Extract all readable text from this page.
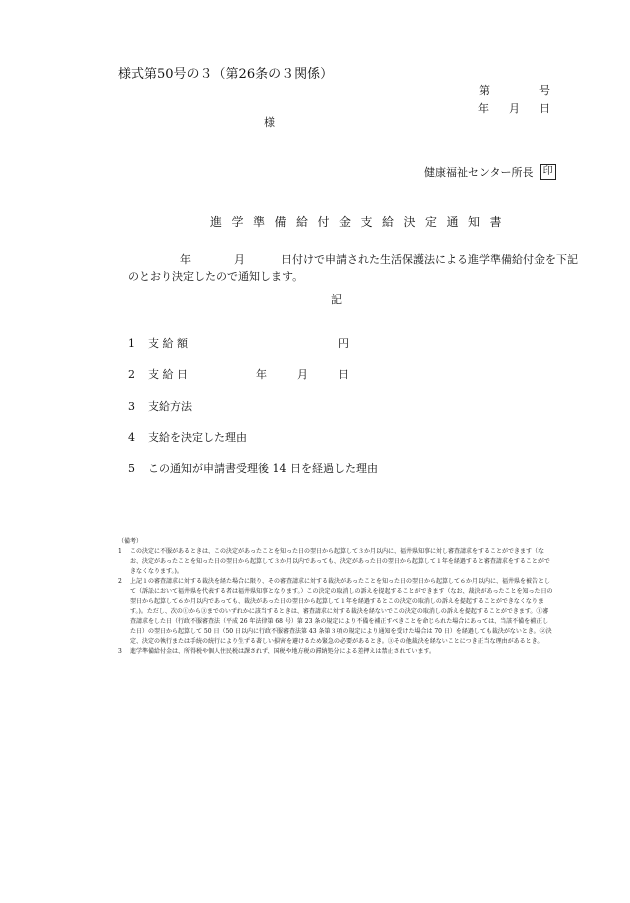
様式第50号の３（第26条の３関係）
第	号
年 月 日
様
健康福祉センター所長 印
進学準備給付金支給決定通知書
年	月	日付けで申請された生活保護法による進学準備給付金を下記
のとおり決定したので通知します。
記
1 支 給 額	円
2 支 給 日	年	月	日
3 支給方法
4 支給を決定した理由
5 この通知が申請書受理後 14 日を経過した理由
（備考）
1	この決定に不服があるときは、この決定があったことを知った日の翌日から起算して３か月以内に、福井県知事に対し審査請求をすることができます（なお、決定があったことを知った日の翌日から起算して３か月以内であっても、決定があった日の翌日から起算して１年を経過すると審査請求をすることができなくなります。)。
2	上記１の審査請求に対する裁決を経た場合に限り、その審査請求に対する裁決があったことを知った日の翌日から起算して６か月以内に、福井県を被告として（訴訟において福井県を代表する者は福井県知事となります。）この決定の取消しの訴えを提起することができます（なお、裁決があったことを知った日の翌日から起算して６か月以内であっても、裁決があった日の翌日から起算して１年を経過するとこの決定の取消しの訴えを提起することができなくなります。)。ただし、次の①から③までのいずれかに該当するときは、審査請求に対する裁決を経ないでこの決定の取消しの訴えを提起することができます。①審査請求をした日（行政不服審査法（平成 26 年法律第 68 号）第 23 条の規定により不備を補正すべきことを命じられた場合にあっては、当該不備を補正した日）の翌日から起算して 50 日（50 日以内に行政不服審査法第 43 条第３項の規定により通知を受けた場合は 70 日）を経過しても裁決がないとき。②決定、決定の執行または手続の続行により生ずる著しい損害を避けるため緊急の必要があるとき。③その他裁決を経ないことにつき正当な理由があるとき。
3	進学準備給付金は、所得税や個人住民税は課されず、国税や地方税の滞納処分による差押えは禁止されています。
